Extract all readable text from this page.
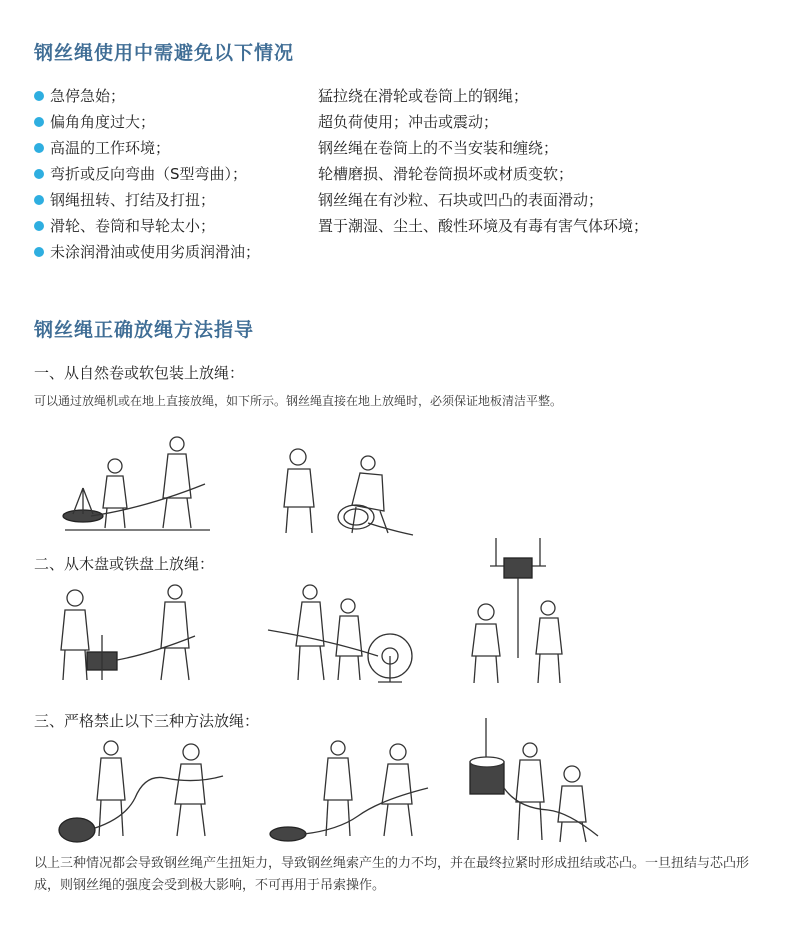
钢丝绳使用中需避免以下情况
急停急始；
偏角角度过大；
高温的工作环境；
弯折或反向弯曲（S型弯曲）；
钢绳扭转、打结及打扭；
滑轮、卷筒和导轮太小；
未涂润滑油或使用劣质润滑油；
猛拉绕在滑轮或卷筒上的钢绳；
超负荷使用；冲击或震动；
钢丝绳在卷筒上的不当安装和缠绕；
轮槽磨损、滑轮卷筒损坏或材质变软；
钢丝绳在有沙粒、石块或凹凸的表面滑动；
置于潮湿、尘土、酸性环境及有毒有害气体环境；
钢丝绳正确放绳方法指导
一、从自然卷或软包装上放绳：
可以通过放绳机或在地上直接放绳，如下所示。钢丝绳直接在地上放绳时，必须保证地板清洁平整。
二、从木盘或铁盘上放绳：
三、严格禁止以下三种方法放绳：
以上三种情况都会导致钢丝绳产生扭矩力，导致钢丝绳索产生的力不均，并在最终拉紧时形成扭结或芯凸。一旦扭结与芯凸形成，则钢丝绳的强度会受到极大影响，不可再用于吊索操作。
